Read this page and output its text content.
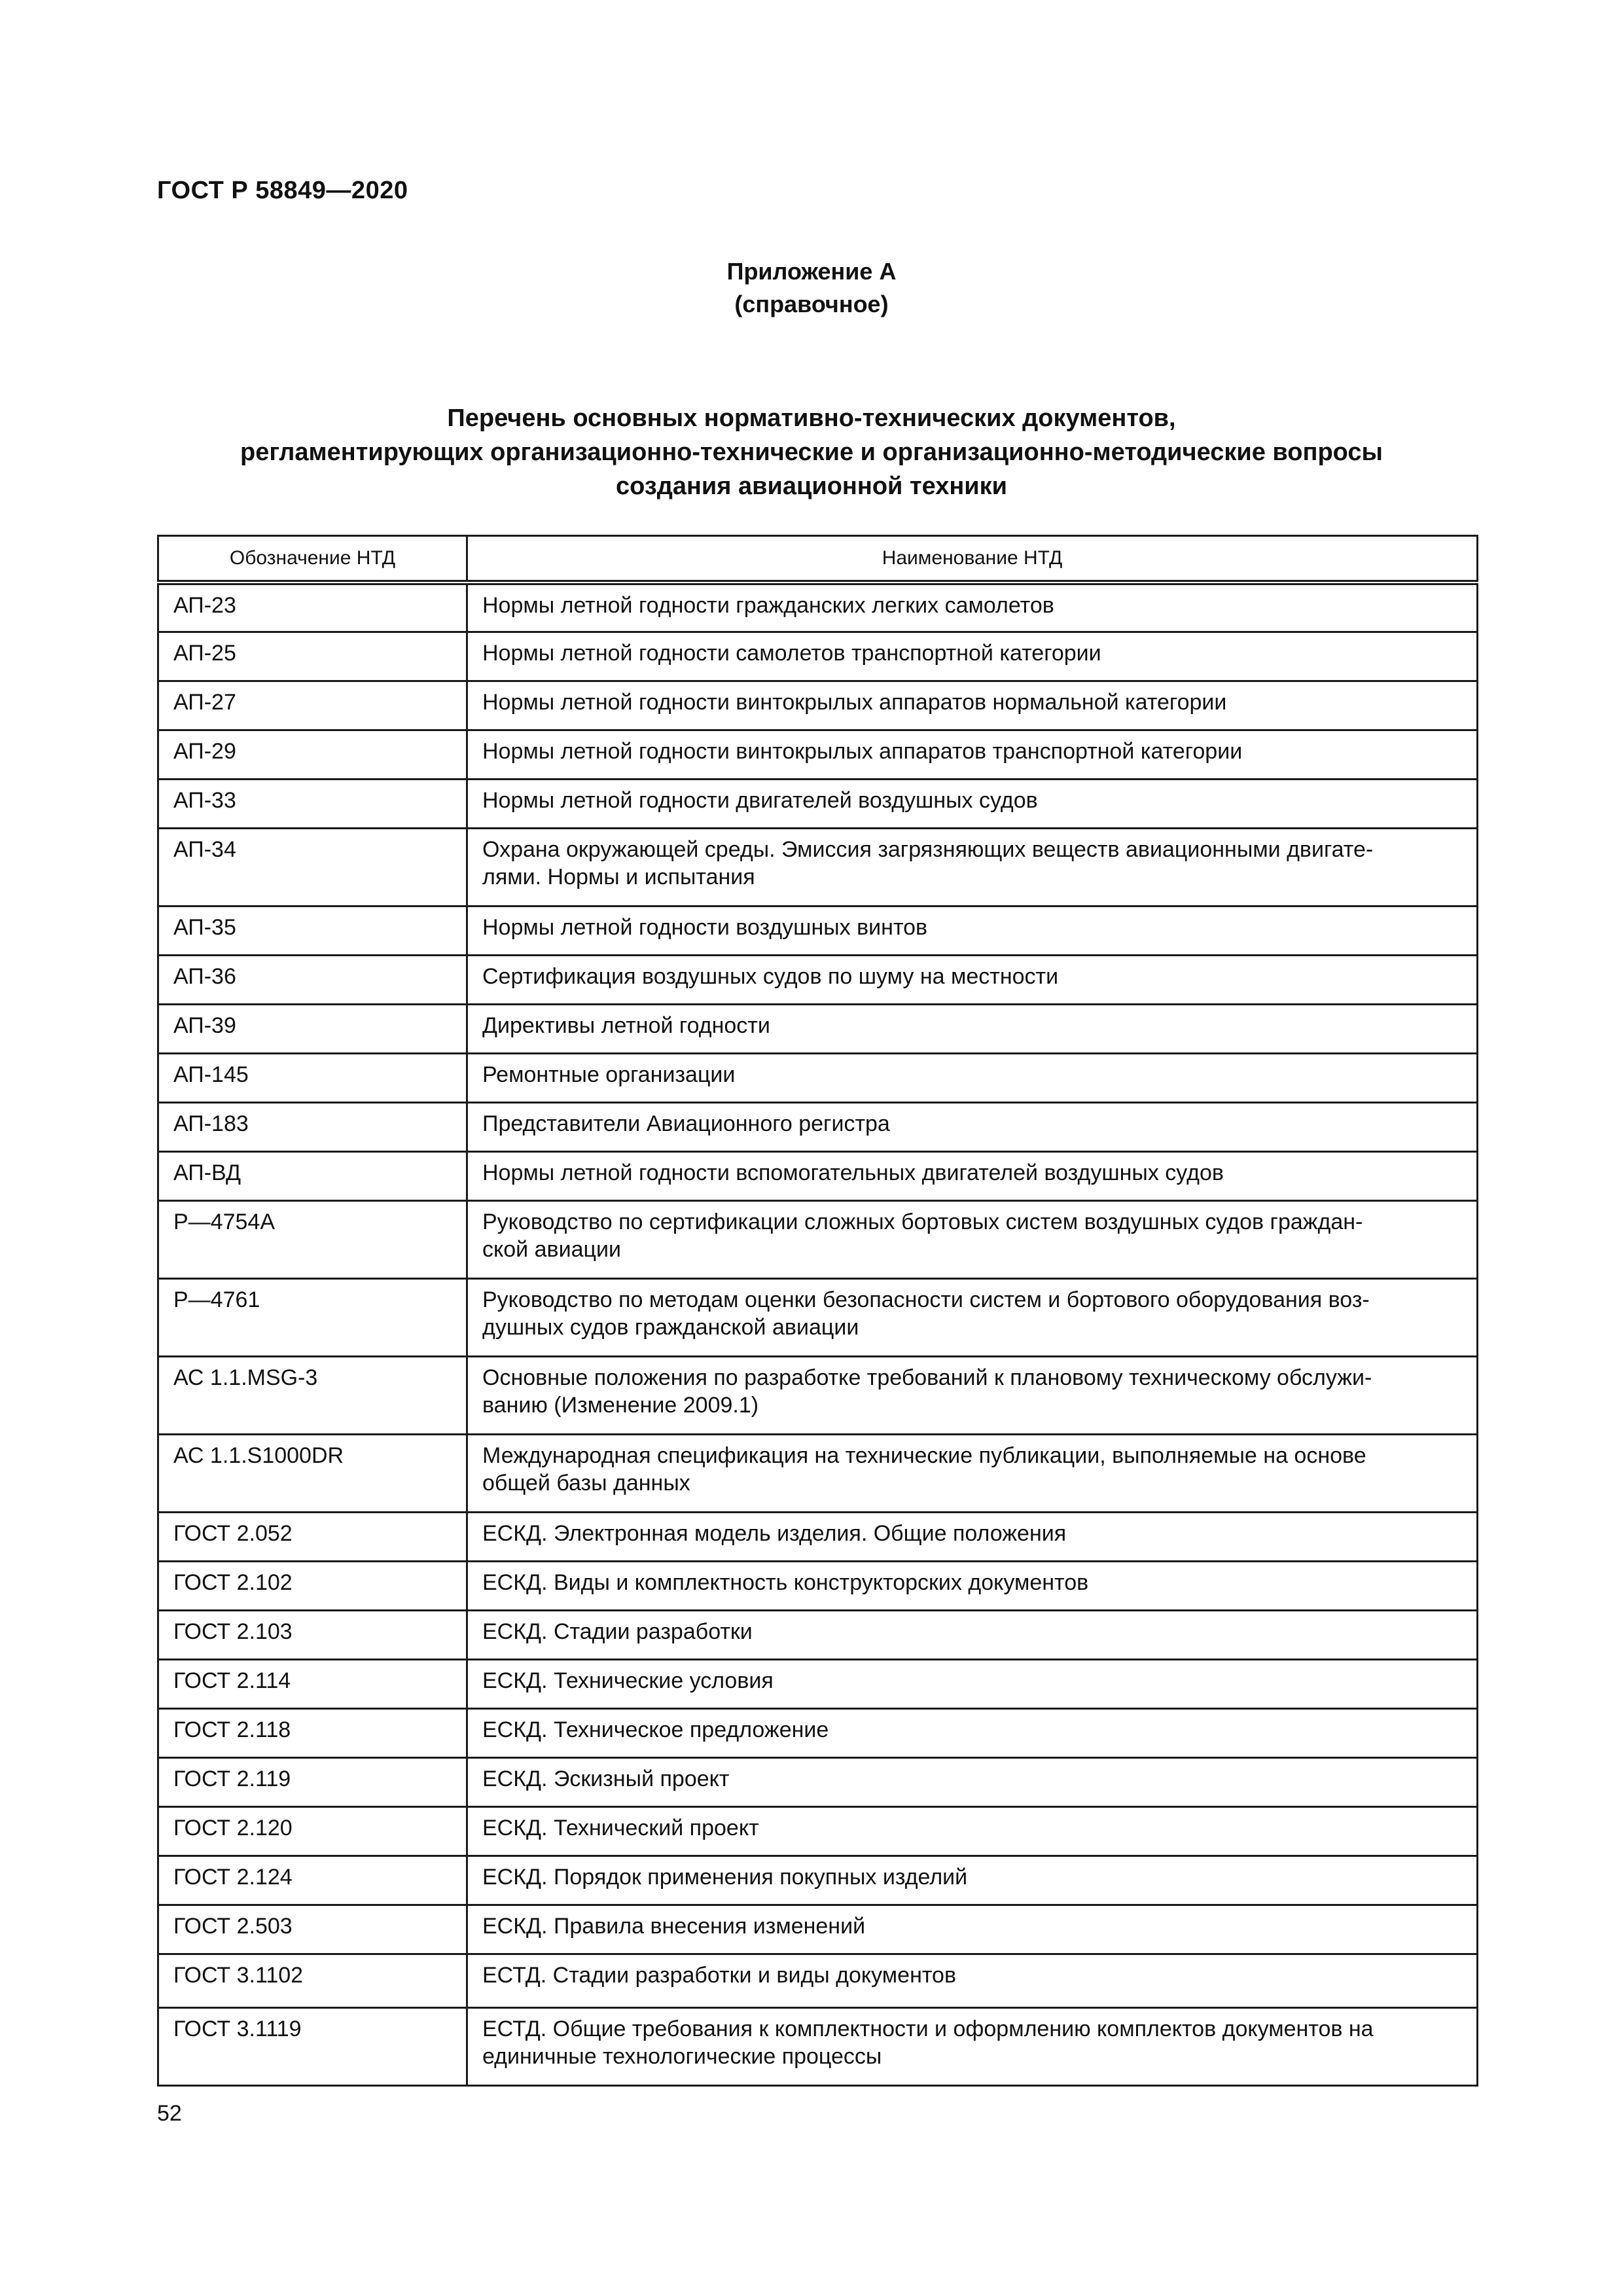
ГОСТ Р 58849—2020
Приложение А
(справочное)
Перечень основных нормативно-технических документов,
регламентирующих организационно-технические и организационно-методические вопросы
создания авиационной техники
Обозначение НТД	Наименование НТД
АП-23	Нормы летной годности гражданских легких самолетов
АП-25	Нормы летной годности самолетов транспортной категории
АП-27	Нормы летной годности винтокрылых аппаратов нормальной категории
АП-29	Нормы летной годности винтокрылых аппаратов транспортной категории
АП-33	Нормы летной годности двигателей воздушных судов
АП-34	Охрана окружающей среды. Эмиссия загрязняющих веществ авиационными двигате-
лями. Нормы и испытания

АП-35	Нормы летной годности воздушных винтов
АП-36	Сертификация воздушных судов по шуму на местности
АП-39	Директивы летной годности
АП-145	Ремонтные организации
АП-183	Представители Авиационного регистра
АП-ВД	Нормы летной годности вспомогательных двигателей воздушных судов
Р—4754А	Руководство по сертификации сложных бортовых систем воздушных судов граждан-
ской авиации

Р—4761	Руководство по методам оценки безопасности систем и бортового оборудования воз-
душных судов гражданской авиации

АС 1.1.MSG-3	Основные положения по разработке требований к плановому техническому обслужи-
ванию (Изменение 2009.1)

АС 1.1.S1000DR	Международная спецификация на технические публикации, выполняемые на основе
общей базы данных

ГОСТ 2.052	ЕСКД. Электронная модель изделия. Общие положения
ГОСТ 2.102	ЕСКД. Виды и комплектность конструкторских документов
ГОСТ 2.103	ЕСКД. Стадии разработки
ГОСТ 2.114	ЕСКД. Технические условия
ГОСТ 2.118	ЕСКД. Техническое предложение
ГОСТ 2.119	ЕСКД. Эскизный проект
ГОСТ 2.120	ЕСКД. Технический проект
ГОСТ 2.124	ЕСКД. Порядок применения покупных изделий
ГОСТ 2.503	ЕСКД. Правила внесения изменений
ГОСТ 3.1102	ЕСТД. Стадии разработки и виды документов
ГОСТ 3.1119	ЕСТД. Общие требования к комплектности и оформлению комплектов документов на
единичные технологические процессы
52
